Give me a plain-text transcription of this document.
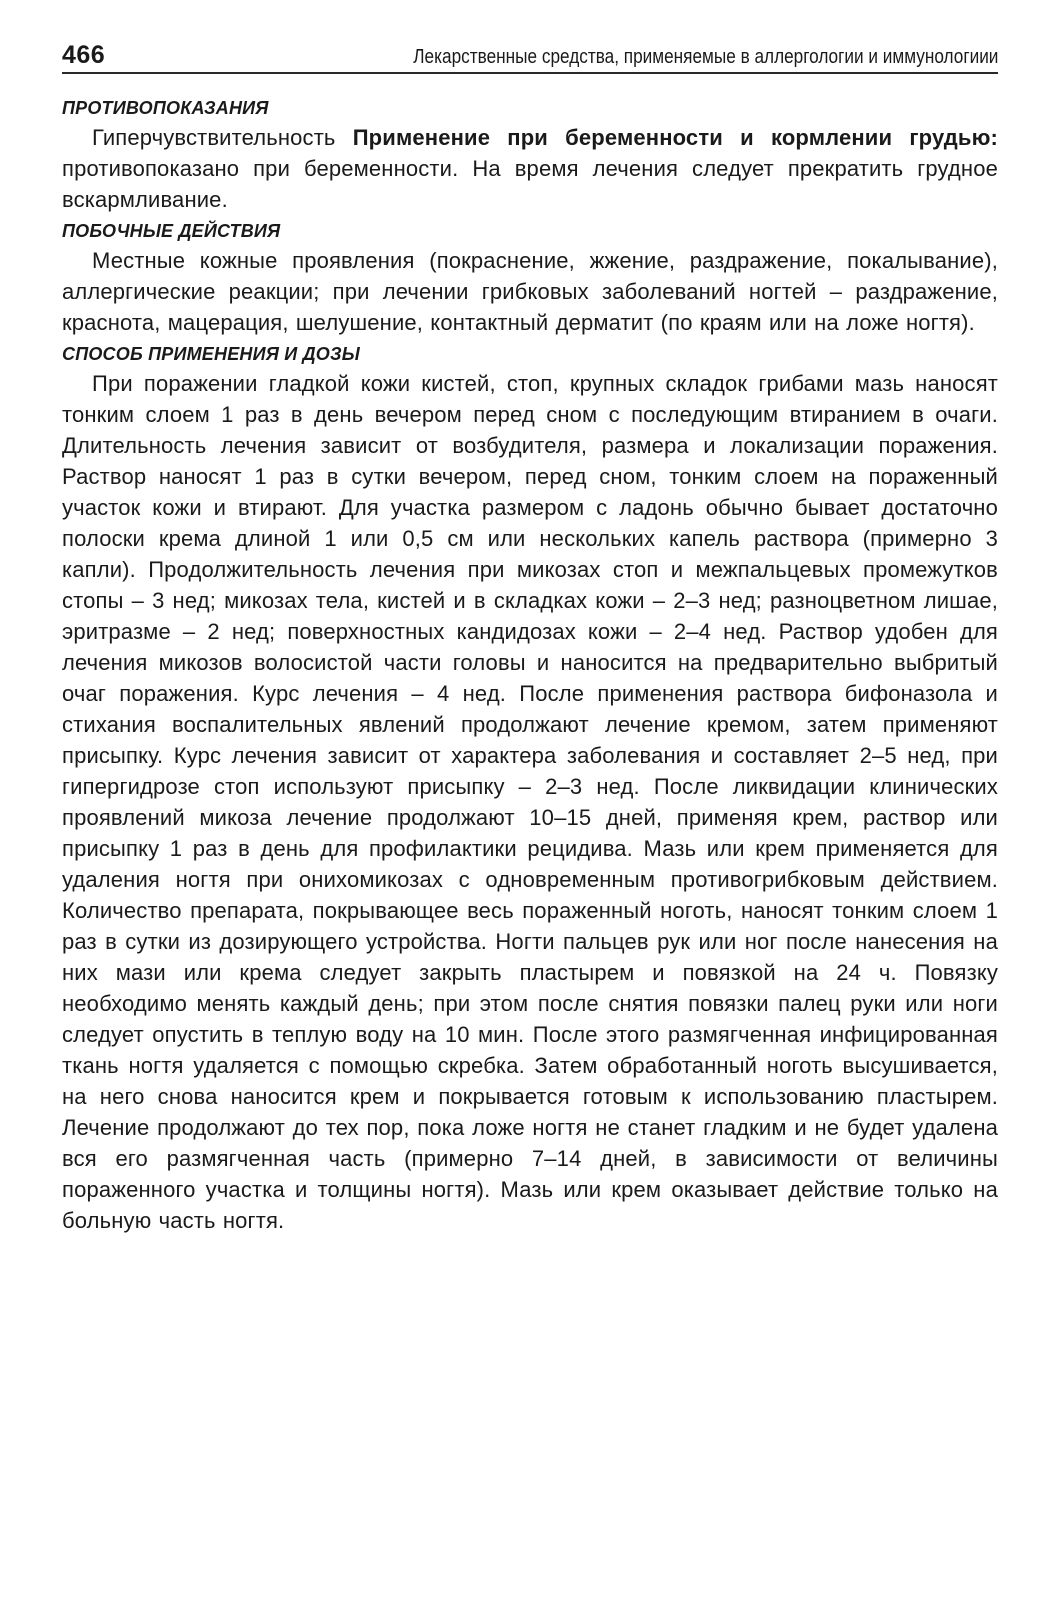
466	Лекарственные средства, применяемые в аллергологии и иммунологиии
ПРОТИВОПОКАЗАНИЯ

Гиперчувствительность Применение при беременности и кормлении грудью: противопоказано при беременности. На время лечения следует прекратить грудное вскармливание.

ПОБОЧНЫЕ ДЕЙСТВИЯ

Местные кожные проявления (покраснение, жжение, раздражение, покалывание), аллергические реакции; при лечении грибковых заболеваний ногтей – раздражение, краснота, мацерация, шелушение, контактный дерматит (по краям или на ложе ногтя).

СПОСОБ ПРИМЕНЕНИЯ И ДОЗЫ

При поражении гладкой кожи кистей, стоп, крупных складок грибами мазь наносят тонким слоем 1 раз в день вечером перед сном с последующим втиранием в очаги. Длительность лечения зависит от возбудителя, размера и локализации поражения. Раствор наносят 1 раз в сутки вечером, перед сном, тонким слоем на пораженный участок кожи и втирают. Для участка размером с ладонь обычно бывает достаточно полоски крема длиной 1 или 0,5 см или нескольких капель раствора (примерно 3 капли). Продолжительность лечения при микозах стоп и межпальцевых промежутков стопы – 3 нед; микозах тела, кистей и в складках кожи – 2–3 нед; разноцветном лишае, эритразме – 2 нед; поверхностных кандидозах кожи – 2–4 нед. Раствор удобен для лечения микозов волосистой части головы и наносится на предварительно выбритый очаг поражения. Курс лечения – 4 нед. После применения раствора бифоназола и стихания воспалительных явлений продолжают лечение кремом, затем применяют присыпку. Курс лечения зависит от характера заболевания и составляет 2–5 нед, при гипергидрозе стоп используют присыпку – 2–3 нед. После ликвидации клинических проявлений микоза лечение продолжают 10–15 дней, применяя крем, раствор или присыпку 1 раз в день для профилактики рецидива. Мазь или крем применяется для удаления ногтя при онихомикозах с одновременным противогрибковым действием. Количество препарата, покрывающее весь пораженный ноготь, наносят тонким слоем 1 раз в сутки из дозирующего устройства. Ногти пальцев рук или ног после нанесения на них мази или крема следует закрыть пластырем и повязкой на 24 ч. Повязку необходимо менять каждый день; при этом после снятия повязки палец руки или ноги следует опустить в теплую воду на 10 мин. После этого размягченная инфицированная ткань ногтя удаляется с помощью скребка. Затем обработанный ноготь высушивается, на него снова наносится крем и покрывается готовым к использованию пластырем. Лечение продолжают до тех пор, пока ложе ногтя не станет гладким и не будет удалена вся его размягченная часть (примерно 7–14 дней, в зависимости от величины пораженного участка и толщины ногтя). Мазь или крем оказывает действие только на больную часть ногтя.
